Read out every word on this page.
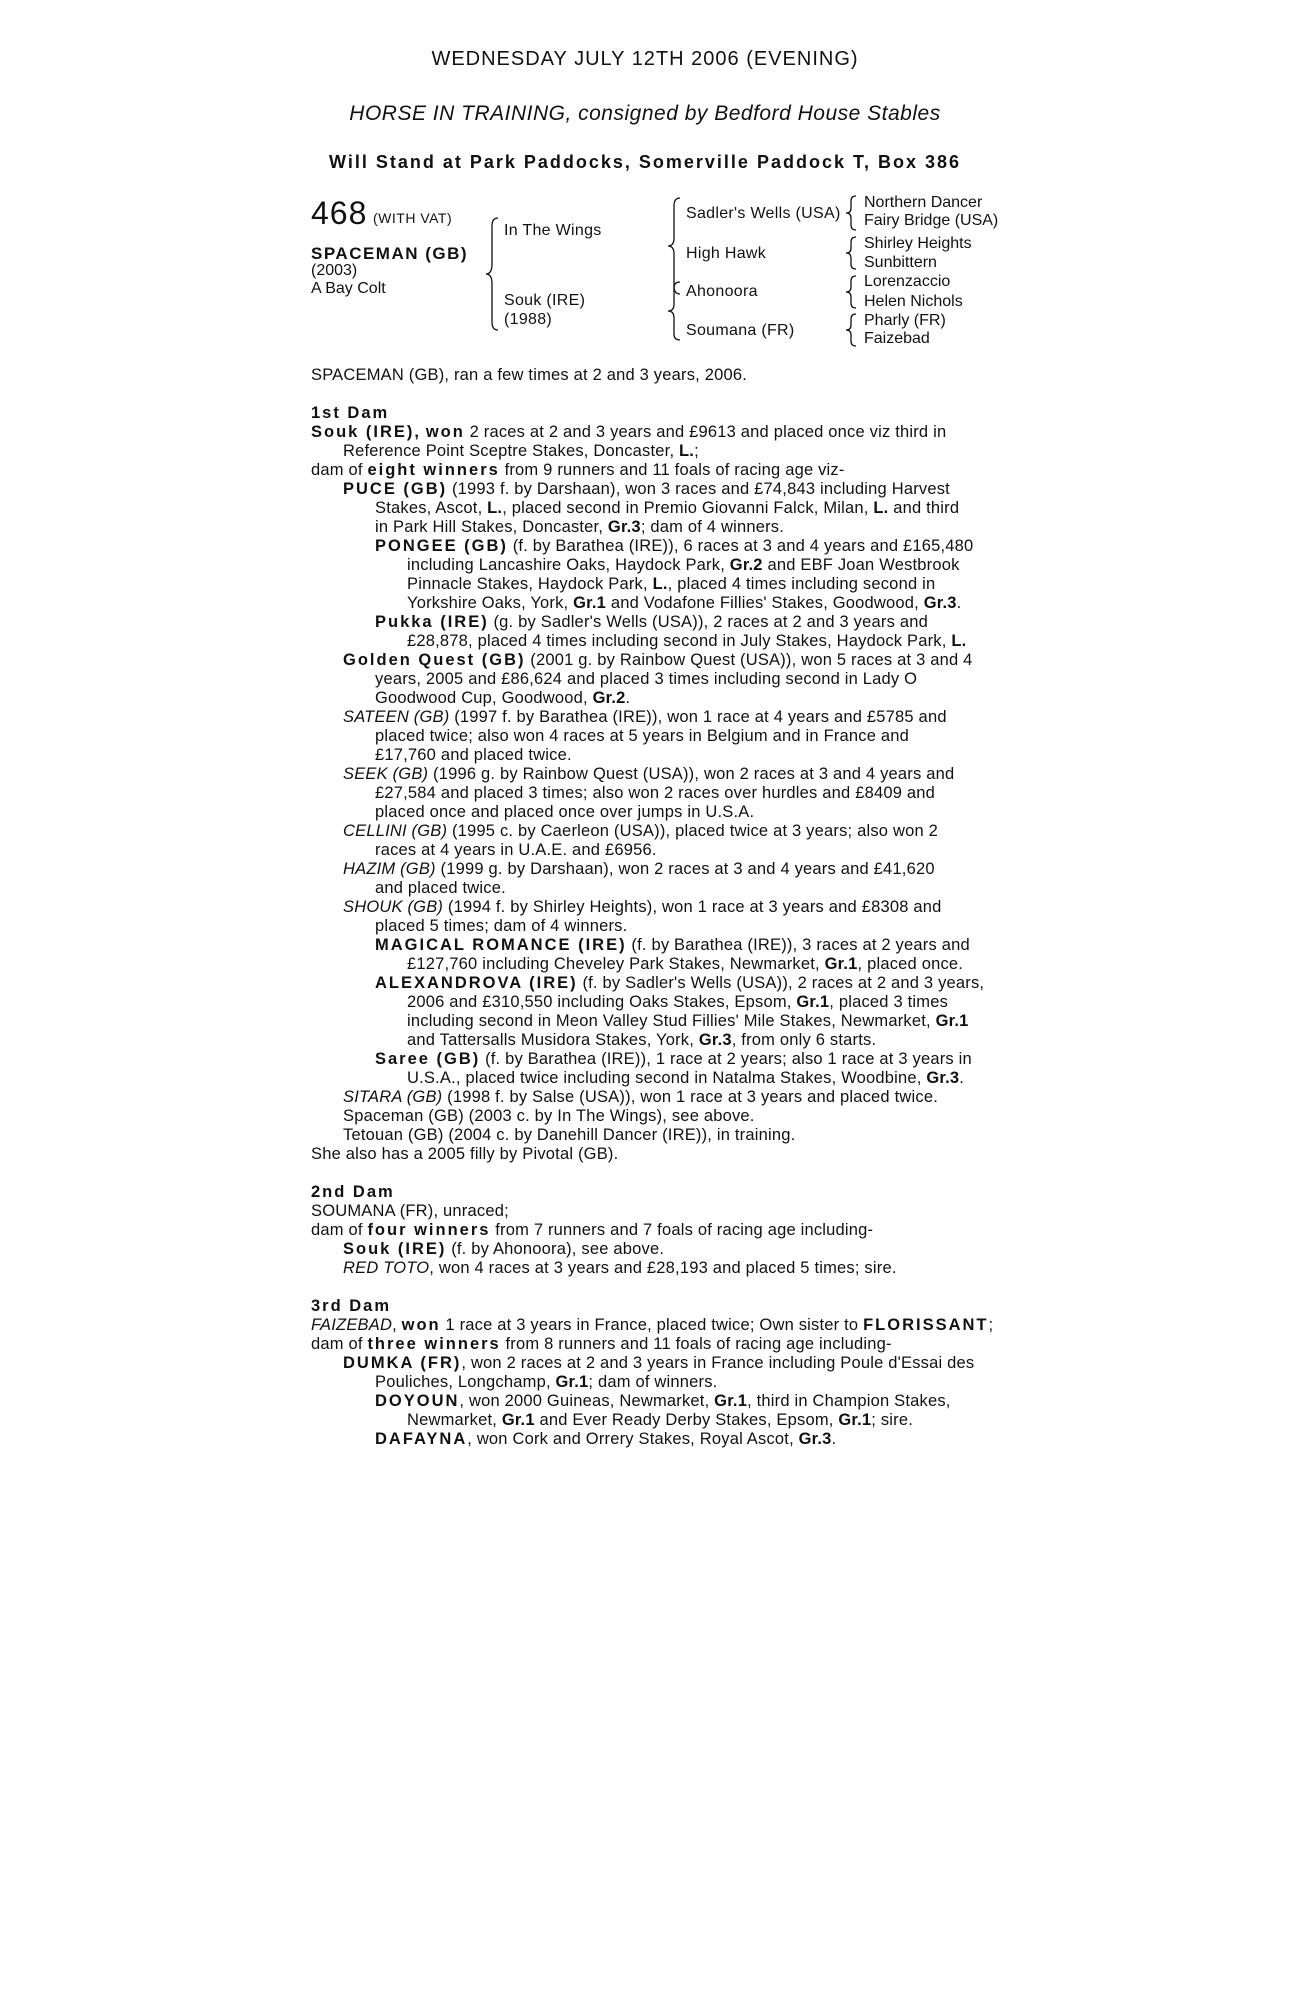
WEDNESDAY JULY 12TH 2006 (EVENING)
HORSE IN TRAINING, consigned by Bedford House Stables
Will Stand at Park Paddocks, Somerville Paddock T, Box 386
468 (WITH VAT)
SPACEMAN (GB)
(2003)
A Bay Colt
In The Wings
Souk (IRE)
(1988)
Sadler's Wells (USA)
High Hawk
Ahonoora
Soumana (FR)
Northern Dancer
Fairy Bridge (USA)
Shirley Heights
Sunbittern
Lorenzaccio
Helen Nichols
Pharly (FR)
Faizebad
SPACEMAN (GB), ran a few times at 2 and 3 years, 2006.
1st Dam
Souk (IRE), won 2 races at 2 and 3 years and £9613 and placed once viz third in
Reference Point Sceptre Stakes, Doncaster, L.;
dam of eight winners from 9 runners and 11 foals of racing age viz-
PUCE (GB) (1993 f. by Darshaan), won 3 races and £74,843 including Harvest
Stakes, Ascot, L., placed second in Premio Giovanni Falck, Milan, L. and third
in Park Hill Stakes, Doncaster, Gr.3; dam of 4 winners.
PONGEE (GB) (f. by Barathea (IRE)), 6 races at 3 and 4 years and £165,480
including Lancashire Oaks, Haydock Park, Gr.2 and EBF Joan Westbrook
Pinnacle Stakes, Haydock Park, L., placed 4 times including second in
Yorkshire Oaks, York, Gr.1 and Vodafone Fillies' Stakes, Goodwood, Gr.3.
Pukka (IRE) (g. by Sadler's Wells (USA)), 2 races at 2 and 3 years and
£28,878, placed 4 times including second in July Stakes, Haydock Park, L.
Golden Quest (GB) (2001 g. by Rainbow Quest (USA)), won 5 races at 3 and 4
years, 2005 and £86,624 and placed 3 times including second in Lady O
Goodwood Cup, Goodwood, Gr.2.
SATEEN (GB) (1997 f. by Barathea (IRE)), won 1 race at 4 years and £5785 and
placed twice; also won 4 races at 5 years in Belgium and in France and
£17,760 and placed twice.
SEEK (GB) (1996 g. by Rainbow Quest (USA)), won 2 races at 3 and 4 years and
£27,584 and placed 3 times; also won 2 races over hurdles and £8409 and
placed once and placed once over jumps in U.S.A.
CELLINI (GB) (1995 c. by Caerleon (USA)), placed twice at 3 years; also won 2
races at 4 years in U.A.E. and £6956.
HAZIM (GB) (1999 g. by Darshaan), won 2 races at 3 and 4 years and £41,620
and placed twice.
SHOUK (GB) (1994 f. by Shirley Heights), won 1 race at 3 years and £8308 and
placed 5 times; dam of 4 winners.
MAGICAL ROMANCE (IRE) (f. by Barathea (IRE)), 3 races at 2 years and
£127,760 including Cheveley Park Stakes, Newmarket, Gr.1, placed once.
ALEXANDROVA (IRE) (f. by Sadler's Wells (USA)), 2 races at 2 and 3 years,
2006 and £310,550 including Oaks Stakes, Epsom, Gr.1, placed 3 times
including second in Meon Valley Stud Fillies' Mile Stakes, Newmarket, Gr.1
and Tattersalls Musidora Stakes, York, Gr.3, from only 6 starts.
Saree (GB) (f. by Barathea (IRE)), 1 race at 2 years; also 1 race at 3 years in
U.S.A., placed twice including second in Natalma Stakes, Woodbine, Gr.3.
SITARA (GB) (1998 f. by Salse (USA)), won 1 race at 3 years and placed twice.
Spaceman (GB) (2003 c. by In The Wings), see above.
Tetouan (GB) (2004 c. by Danehill Dancer (IRE)), in training.
She also has a 2005 filly by Pivotal (GB).
2nd Dam
SOUMANA (FR), unraced;
dam of four winners from 7 runners and 7 foals of racing age including-
Souk (IRE) (f. by Ahonoora), see above.
RED TOTO, won 4 races at 3 years and £28,193 and placed 5 times; sire.
3rd Dam
FAIZEBAD, won 1 race at 3 years in France, placed twice; Own sister to FLORISSANT;
dam of three winners from 8 runners and 11 foals of racing age including-
DUMKA (FR), won 2 races at 2 and 3 years in France including Poule d'Essai des
Pouliches, Longchamp, Gr.1; dam of winners.
DOYOUN, won 2000 Guineas, Newmarket, Gr.1, third in Champion Stakes,
Newmarket, Gr.1 and Ever Ready Derby Stakes, Epsom, Gr.1; sire.
DAFAYNA, won Cork and Orrery Stakes, Royal Ascot, Gr.3.
